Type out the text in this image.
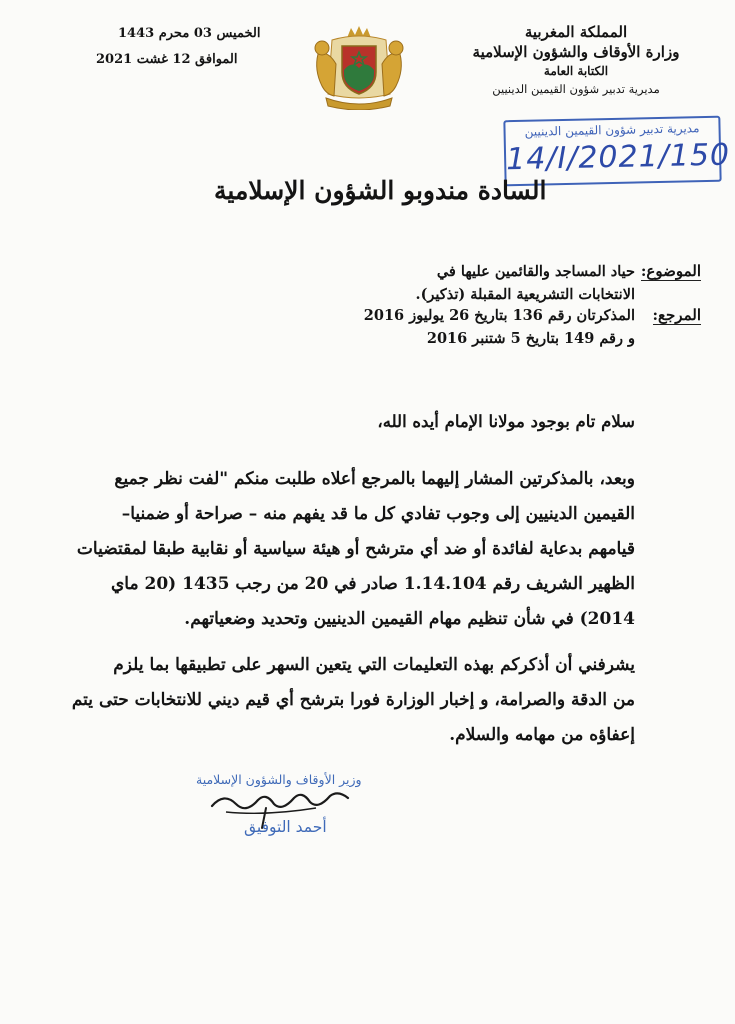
المملكة المغربية
وزارة الأوقاف والشؤون الإسلامية
الكتابة العامة
مديرية تدبير شؤون القيمين الدينيين
الخميس 03 محرم 1443
الموافق 12 غشت 2021
مديرية تدبير شؤون القيمين الدينيين
14/I/2021/150
السادة مندوبو الشؤون الإسلامية
الموضوع:
حياد المساجد والقائمين عليها في
الانتخابات التشريعية المقبلة (تذكير).
المرجع:
المذكرتان رقم 136 بتاريخ 26 يوليوز 2016
و رقم 149 بتاريخ 5 شتنبر 2016
سلام تام بوجود مولانا الإمام أيده الله،
وبعد، بالمذكرتين المشار إليهما بالمرجع أعلاه طلبت منكم "لفت نظر جميع
القيمين الدينيين إلى وجوب تفادي كل ما قد يفهم منه – صراحة أو ضمنيا–
قيامهم بدعاية لفائدة أو ضد أي مترشح أو هيئة سياسية أو نقابية طبقا لمقتضيات
الظهير الشريف رقم 1.14.104 صادر في 20 من رجب 1435 (20 ماي
2014) في شأن تنظيم مهام القيمين الدينيين وتحديد وضعياتهم.
يشرفني أن أذكركم بهذه التعليمات التي يتعين السهر على تطبيقها بما يلزم
من الدقة والصرامة، و إخبار الوزارة فورا بترشح أي قيم ديني للانتخابات حتى يتم
إعفاؤه من مهامه والسلام.
وزير الأوقاف والشؤون الإسلامية
أحمد التوفيق
